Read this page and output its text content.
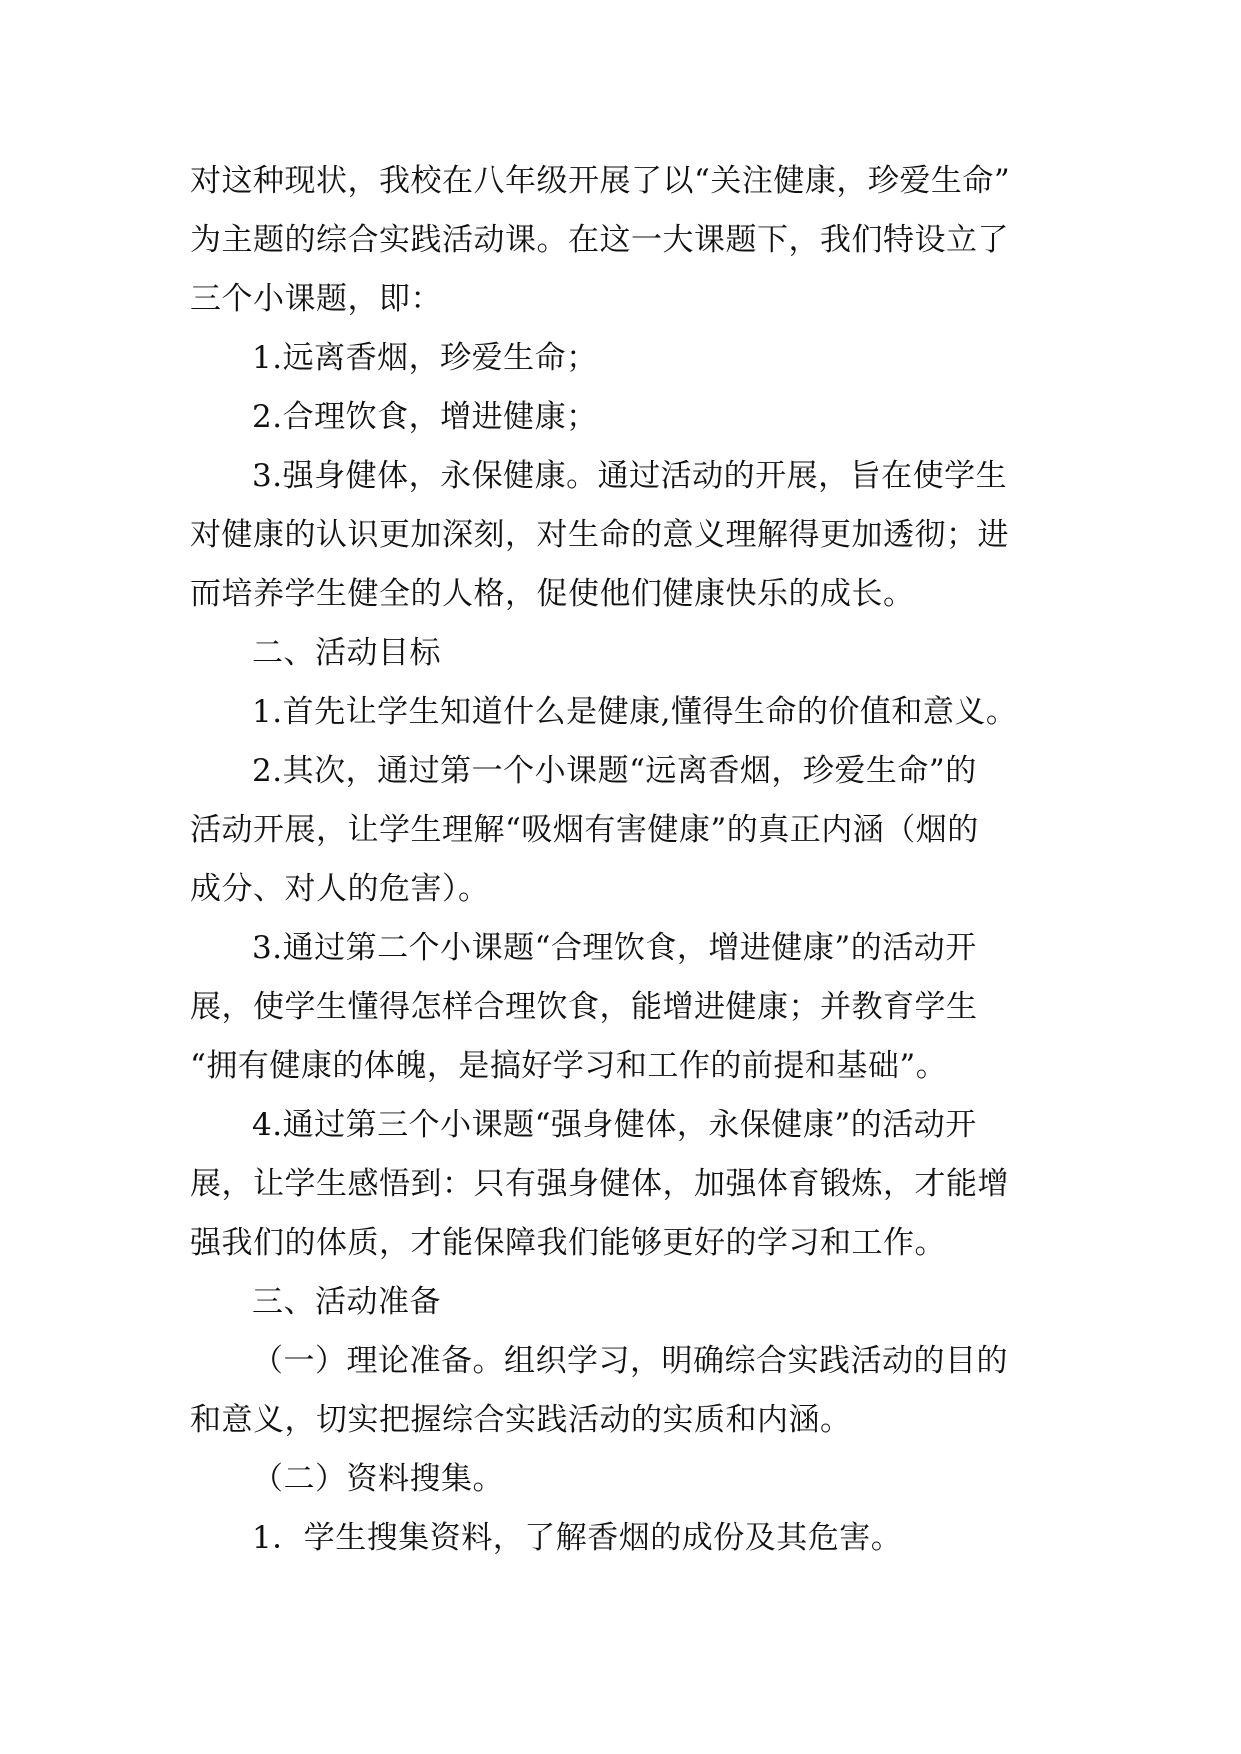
对这种现状，我校在八年级开展了以“关注健康，珍爱生命”
为主题的综合实践活动课。在这一大课题下，我们特设立了
三个小课题，即：
1.远离香烟，珍爱生命；
2.合理饮食，增进健康；
3.强身健体，永保健康。通过活动的开展，旨在使学生
对健康的认识更加深刻，对生命的意义理解得更加透彻；进
而培养学生健全的人格，促使他们健康快乐的成长。
二、活动目标
1.首先让学生知道什么是健康,懂得生命的价值和意义。
2.其次，通过第一个小课题“远离香烟，珍爱生命”的
活动开展，让学生理解“吸烟有害健康”的真正内涵（烟的
成分、对人的危害）。
3.通过第二个小课题“合理饮食，增进健康”的活动开
展，使学生懂得怎样合理饮食，能增进健康；并教育学生
“拥有健康的体魄，是搞好学习和工作的前提和基础”。
4.通过第三个小课题“强身健体，永保健康”的活动开
展，让学生感悟到：只有强身健体，加强体育锻炼，才能增
强我们的体质，才能保障我们能够更好的学习和工作。
三、活动准备
（一）理论准备。组织学习，明确综合实践活动的目的
和意义，切实把握综合实践活动的实质和内涵。
（二）资料搜集。
1．学生搜集资料，了解香烟的成份及其危害。
